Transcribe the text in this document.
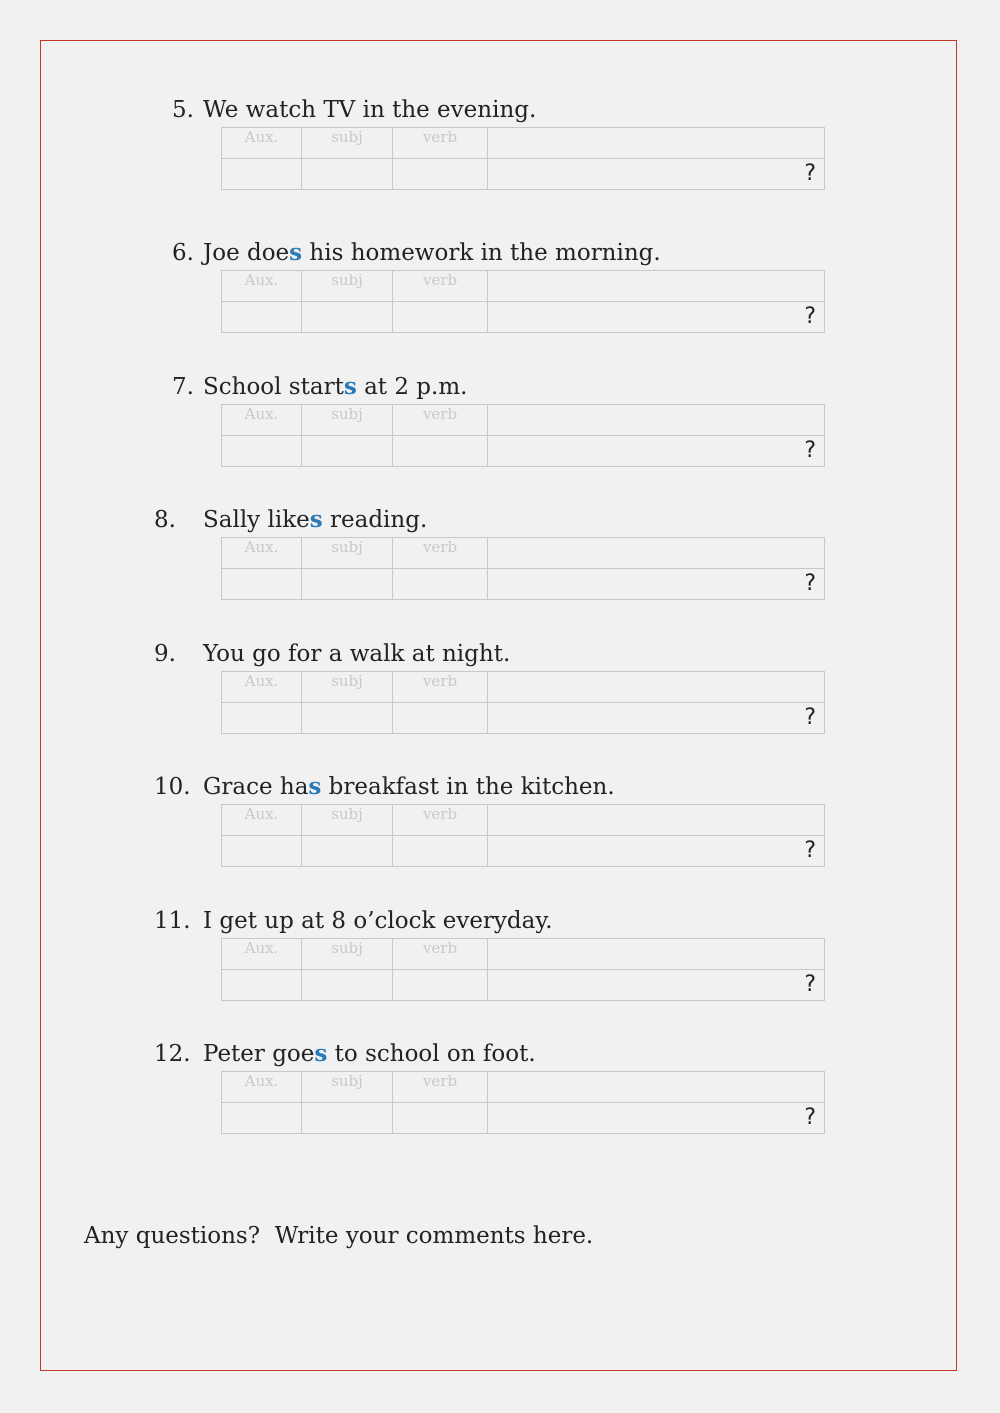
5. We watch TV in the evening.
Aux.	subj	verb	

			?
6. Joe does his homework in the morning.
Aux.	subj	verb	

			?
7. School starts at 2 p.m.
Aux.	subj	verb	

			?
8. Sally likes reading.
Aux.	subj	verb	

			?
9. You go for a walk at night.
Aux.	subj	verb	

			?
10. Grace has breakfast in the kitchen.
Aux.	subj	verb	

			?
11. I get up at 8 o’clock everyday.
Aux.	subj	verb	

			?
12. Peter goes to school on foot.
Aux.	subj	verb	

			?
Any questions?  Write your comments here.
